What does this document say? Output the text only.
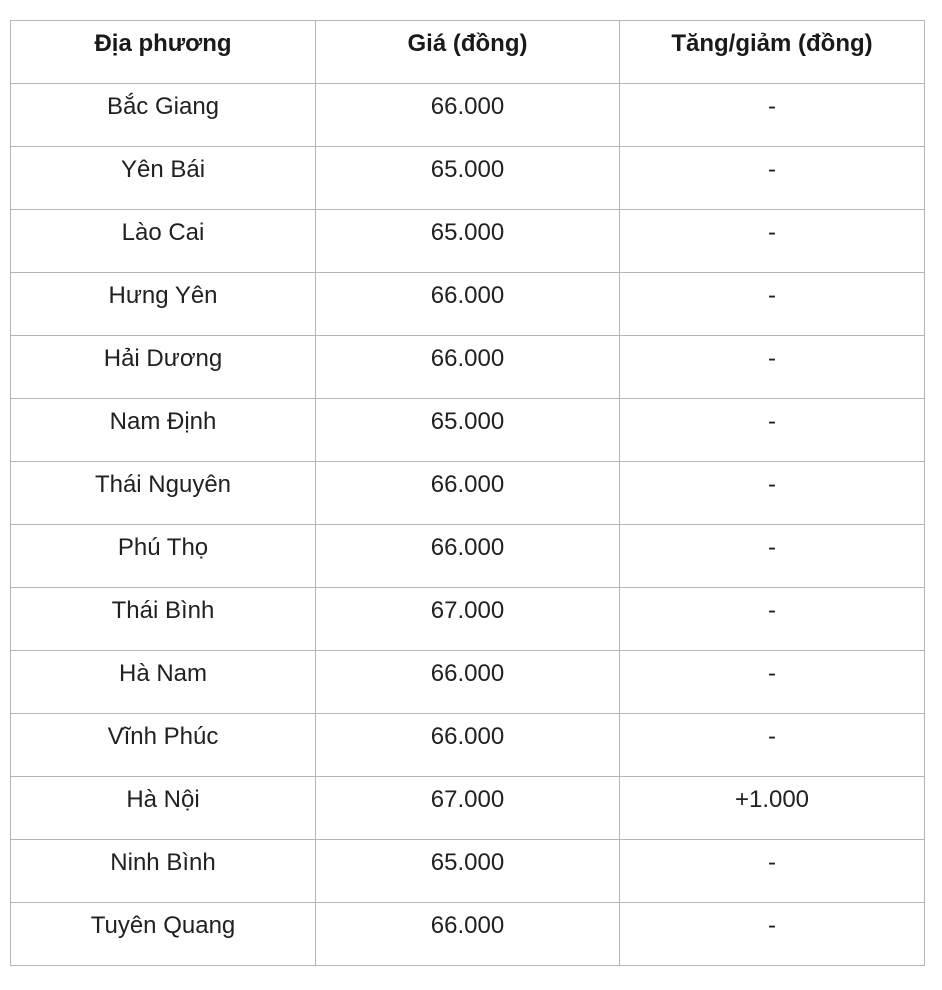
Địa phương	Giá (đồng)	Tăng/giảm (đồng)

Bắc Giang	66.000	-

Yên Bái	65.000	-

Lào Cai	65.000	-

Hưng Yên	66.000	-

Hải Dương	66.000	-

Nam Định	65.000	-

Thái Nguyên	66.000	-

Phú Thọ	66.000	-

Thái Bình	67.000	-

Hà Nam	66.000	-

Vĩnh Phúc	66.000	-

Hà Nội	67.000	+1.000

Ninh Bình	65.000	-

Tuyên Quang	66.000	-
